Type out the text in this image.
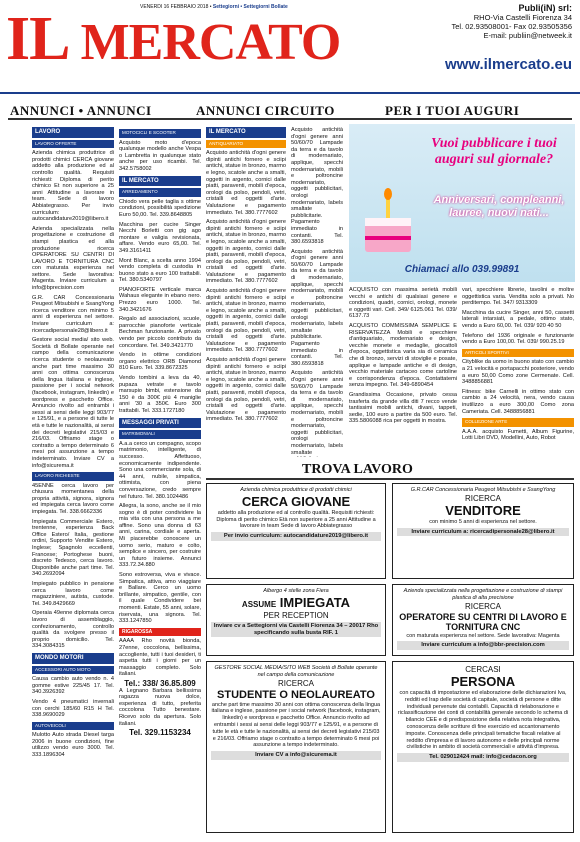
IL MERCATO
VENERDI 16 FEBBRAIO 2018 • Settegiorni • Settegiorni Bollate	Publi(iN) srl:
RHO-Via Castelli Fiorenza 34
Tel. 02.93508001- Fax 02.93505356
E-mail: publiin@netweek.it
www.ilmercato.eu
ANNUNCI • ANNUNCI	ANNUNCI CIRCUITO	PER I TUOI AUGURI
LAVORO
LAVORO OFFERTE
Azienda chimica produttrice di prodotti chimici CERCA giovane addetto alla produzione ed al controllo qualità. Requisiti richiesti: Diploma di perito chimico Et non superiore a 25 anni Attitudine a lavorare in team. Sede di lavoro Abbiategrasso. Per invio curriculum: autocandidature2019@libero.it
Azienda specializzata nella progettazione e costruzione di stampi plastica ed alla produzione ricerca OPERATORE SU CENTRI DI LAVORO E TORNITURA CNC con maturata esperienza nel settore. Sede lavorativa: Magenta. Inviare curriculum a info@bprecision.com
G.R. CAR Concessionaria Peugeot Mitsubishi e SsangYong ricerca venditore con minimo 5 anni di esperienza nel settore. Inviare curriculum a: ricercadipersonale28@libero.it
Gestore social media/ sito web. Società di Bollate operante nel campo della comunicazione ricerca studente o neolaureato anche part time massimo 30 anni con ottima conoscenza della lingua italiana e inglese, passione per i social network (facebook, instagram, linkedin) e wordpress e pacchetto Office. Annuncio rivolto ad entrambi i sessi ai sensi delle leggi 903/77 e 125/91, e a persone di tutte le età e tutte le nazionalità, ai sensi dei decreti legislativi 215/03 e 216/03. Offriamo stage o contratto a tempo determinato 6 mesi poi assunzione a tempo indeterminato. Inviare CV a info@sicurema.it
LAVORO RICHIESTE
45ENNE cerca lavoro per chiusura momentanea della propria attività, signora, signora ed impiegata cerca lavoro come impiegata. Tel. 338.6662336
Impiegata Commerciale Estero, trentenne, esperienza Back Office Estero/ Italia, gestione ordini, Supporto Vendite Estero, Inglese; Spagnolo eccellenti, Francese; Portoghese buoni, discreto Tedesco, cerca lavoro. Disponibile anche part time. Tel. 340.2692094
Impiegato pubblico in pensione cerca lavoro come magazziniere, autista, custode. Tel. 349.8429669
Operaia 49enne diplomata cerca lavoro di assemblaggio, confezionamento, controllo qualità da svolgere presso il proprio domicilio. Tel. 334.3084315
MONDO MOTORI
ACCESSORI AUTO MOTO
Causa cambio auto vendo n. 4 gomme estive 225/45 17. Tel. 340.3926392
Vendo 4 pneumatici invernali con cerchi 185/60 R15 H Tel. 338.9690029
AUTOVEICOLI
Mulotto Auto strada Diesel targa 2006 in buone condizioni, fine utilizzo vendo euro 3000. Tel. 333.1896304
MOTOCICLI E SCOOTER
Acquisto moto d'epoca qualunque modello anche Vespa o Lambretta in qualunque stato anche per uso ricambi. Tel. 342.5758002
IL MERCATO
ARREDAMENTO
Chiodo vera pelle taglia s ottime condizioni, possibilità spedizione Euro 50,00. Tel. 339.8648805
Macchina per cucire Singer Necchi Borletti con gig ago montare e valigia revisionata, affare. Vendo euro 65,00. Tel. 349.3161411
Mont Blanc, a scelta anno 1994 vendo completa di custodia in buono stato a euro 100 trattabili. Tel. 380.5340797
PIANOFORTE verticale marca Wahaus elegante in ebano nero. Prezzo euro 1000. Tel. 340.3421676
Regalo ad associazioni, scuole, parrocchie pianoforte verticale Bechman funzionante. A privato vendo per piccolo contributo da concordare. Tel. 349.3421770
Vendo in ottime condizioni organo elettrico ORB Diamond 810 Euro. Tel. 339.8672325
Vendo tombini a leva da 40, pupaza vetrate e tavolo marsupio bimbi, estensione da 150 è da 300€ più 4 maniglie anni '30 a 350€. Euro 300 trattabili. Tel. 333.1727180
MESSAGGI PRIVATI
MATRIMONIALI
A.a.a cerco un compagno, scopo matrimonio, intelligente, di successo. Affettuoso, economicamente indipendente. Sono una commerciante sola, di 44 anni, nubile, simpatica, ottimista, con piena conversazione, credo sempre nel futuro. Tel. 380.1024486
Allegra, la sono, anche se il mio sogno è di poter condividere la mia vita con una persona a me affine. Sono una donna di 63 anni, carina, cordiale e aperta. Mi piacerebbe conoscere un uomo serio, maturo e colto, semplice e sincero, per costruire un futuro insieme. Annunci 333.72.34.880
Sono estroversa, viva e vivace. Simpatica, attiva, amo viaggiare e Ballare. Cerco un uomo brillante, simpatico, gentile, con il quale Condividere bei momenti. Estate, 55 anni, solare, riservata, una signora. Tel. 333.1247850
RIGAROSSA
AAAA Rho novità bionda, 27enne, coccolona, bellissima, accogliente, tutti i tuoi desideri, ti aspetta tutti i giorni per un massaggio completo. Solo italiani.
Tel.: 338/ 36.85.809
A Legnano Barbara bellissima ragazza nuova dolce, esperienza di tutto, preferita coccolona Tutto benestare. Ricevo solo da apertura. Solo italiani.
Tel. 329.1153234
IL MERCATO
ANTIQUARIATO
Acquisto antichità d'ogni genere dipinti antichi fornero e sciipi antichi, statue in bronzo, marmo e legno, scatole anche a smalti, oggetti in argento, cornici dalle piatti, paraventi, mobili d'epoca, orologi da polso, pendoli, vetri, cristalli ed oggetti d'arte. Valutazione e pagamento immediato. Tel. 380.7777602
Acquisto antichità d'ogni genere dipinti antichi fornero e sciipi antichi, statue in bronzo, marmo e legno, scatole anche a smalti, oggetti in argento, cornici dalle piatti, paraventi, mobili d'epoca, orologi da polso, pendoli, vetri, cristalli ed oggetti d'arte. Valutazione e pagamento immediato. Tel. 380.7777602
Acquisto antichità d'ogni genere dipinti antichi fornero e sciipi antichi, statue in bronzo, marmo e legno, scatole anche a smalti, oggetti in argento, cornici dalle piatti, paraventi, mobili d'epoca, orologi da polso, pendoli, vetri, cristalli ed oggetti d'arte. Valutazione e pagamento immediato. Tel. 380.7777602
Acquisto antichità d'ogni genere dipinti antichi fornero e sciipi antichi, statue in bronzo, marmo e legno, scatole anche a smalti, oggetti in argento, cornici dalle piatti, paraventi, mobili d'epoca, orologi da polso, pendoli, vetri, cristalli ed oggetti d'arte. Valutazione e pagamento immediato. Tel. 380.7777602
Acquisto antichità d'ogni genere anni 50/60/70 Lampade da terra e da tavolo di modernariato, applique, specchi modernariato, mobili e poltroncine modernariato, oggetti pubblicitari, orologi modernariato, labels smaltate pubblicitarie. Pagamento immediato in contanti. Tel. 380.6593818
Acquisto antichità d'ogni genere anni 50/60/70 Lampade da terra e da tavolo di modernariato, applique, specchi modernariato, mobili e poltroncine modernariato, oggetti pubblicitari, orologi modernariato, labels smaltate pubblicitarie. Pagamento immediato in contanti. Tel. 380.6593818
Acquisto antichità d'ogni genere anni 50/60/70 Lampade da terra e da tavolo di modernariato, applique, specchi modernariato, mobili e poltroncine modernariato, oggetti pubblicitari, orologi modernariato, labels smaltate
Vuoi pubblicare i tuoi auguri sul giornale?
Anniversari, compleanni, lauree, nuovi nati...
Chiamaci allo 039.99891
ACQUISTO con massima serietà mobili vecchi e antichi di qualsiasi genere e condizioni, quadri, cornici, orologi, monete e oggetti vari. Cell. 349/ 6125.061 Tel. 039/ 6137.73
ACQUISTO COMMISSIMA SEMPLICE E RISERVATEZZA Mobili e specchiere d'antiquariato, modernariato e design, vecchie monete e medaglie, giocattoli d'epoca, oggettistica varia sia di ceramica che di bronzo, servizi di stoviglie e posate, applique e lampade antiche e di design, vecchio materiale cartaceo come cartoline e corrispondenza d'epoca. Contattatemi senza impegno. Tel. 349-6890454
Grandissima Occasione, privato cessa trasferta da grande villa diti 7 recco vende tantissimi mobili antichi, divani, tappeti, sedie, 100 euro a partire da 500 euro. Tel. 335.5806088 rica per oggetti in mostra.
vari, specchiere librerie, tavolini e moltre oggettistica varia. Vendita solo a privati. No perditempo. Tel. 347/ 9313309
Macchina da cucire Singer, anni 50, cassetti laterali intarsiati, a pedale, ottimo stato, vendo a Euro 60,00. Tel. 039/ 920 40 50
Telefono del 1936 originale e funzionante vendo a Euro 100,00. Tel. 039/ 990.25.19
ARTICOLI SPORTIVI
Cityblike da uomo in buono stato con cambio a 21 velocità e portapacchi posteriore, vendo a euro 50,00 Como zone Cermenate. Cell. 3488856881
Fitness: bike Carnelli in ottimo stato con cambio a 24 velocità, nera, vendo causa inutilizzo a euro 300,00 Como zona Cameriata. Cell. 3488856881
COLLEZIONE ARTE
A.A.A. acquisto Fumetti, Album Figurine, Lotti Libri DVD, Modellini, Auto, Robot
TROVA LAVORO
Azienda chimica produttrice di prodotti chimici
CERCA GIOVANE
addetto alla produzione ed al controllo qualità. Requisiti richiesti: Diploma di perito chimico Età non superiore a 25 anni Attitudine a lavorare in team Sede di lavoro Abbiategrasso
Per invio curriculum: autocandidature2019@libero.it
G.R.CAR Concessionaria Peugeot Mitsubishi e SsangYong
RICERCA
VENDITORE
con minimo 5 anni di esperienza nel settore.
Inviare curriculum a: ricercadipersonale28@libero.it
Albergo 4 stelle zona Fiera
ASSUME IMPIEGATA
PER RECEPTION
Inviare cv a Settegiorni via Castelli Fiorenza 34 – 20017 Rho specificando sulla busta RIF. 1
Azienda specializzata nella progettazione e costruzione di stampi plastica di alta precisione
RICERCA
OPERATORE SU CENTRI DI LAVORO E TORNITURA CNC
con maturata esperienza nel settore. Sede lavorativa: Magenta
Inviare curriculum a info@bbr-precision.com
GESTORE SOCIAL MEDIA/SITO WEB Società di Bollate operante nel campo della comunicazione
RICERCA
STUDENTE O NEOLAUREATO
anche part time massimo 30 anni con ottima conoscenza della lingua italiana e inglese, passione per i social network (facebook, instagram, linkedin) e wordpress e pacchetto Office. Annuncio rivolto ad entrambi i sessi ai sensi delle leggi 903/77 e 125/91, e a persone di tutte le età e tutte le nazionalità, ai sensi dei decreti legislativi 215/03 e 216/03. Offriamo stage o contratto a tempo determinato 6 mesi poi assunzione a tempo indeterminato.
Inviare CV a info@sicurema.it
CERCASI
PERSONA
con capacità di impostazione ed elaborazione delle dichiarazioni Iva, redditi ed Irap delle società di capitale, società di persone e ditte individuali pervenute dai contabili. Capacità di rielaborazione e riclassificazione dei conti di contabilità generale secondo lo schema di bilancio CEE e di predisposizione della relativa nota integrativa, conoscenza delle scritture di fine esercizio ed accantonamento imposte. Conoscenza delle principali tematiche fiscali relative al reddito d'impresa e di lavoro autonomo e delle principali norme civilistiche in ambito di società commerciali e attività d'impresa.
Tel. 029012424 mail: info@cedacon.org
